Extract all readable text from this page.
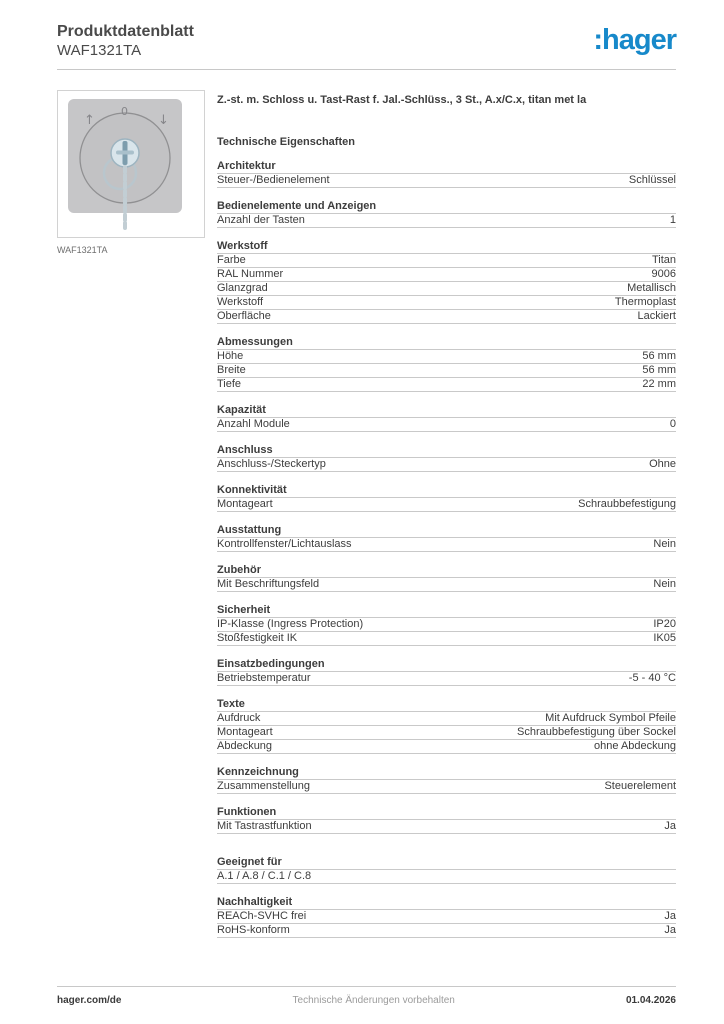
Produktdatenblatt
WAF1321TA	:hager
↑
0
↓
WAF1321TA
Z.-st. m. Schloss u. Tast-Rast f. Jal.-Schlüss., 3 St., A.x/C.x, titan met la
Technische Eigenschaften
Architektur
Steuer-/Bedienelement	Schlüssel
Bedienelemente und Anzeigen
Anzahl der Tasten	1
Werkstoff
Farbe	Titan
RAL Nummer	9006
Glanzgrad	Metallisch
Werkstoff	Thermoplast
Oberfläche	Lackiert
Abmessungen
Höhe	56 mm
Breite	56 mm
Tiefe	22 mm
Kapazität
Anzahl Module	0
Anschluss
Anschluss-/Steckertyp	Ohne
Konnektivität
Montageart	Schraubbefestigung
Ausstattung
Kontrollfenster/Lichtauslass	Nein
Zubehör
Mit Beschriftungsfeld	Nein
Sicherheit
IP-Klasse (Ingress Protection)	IP20
Stoßfestigkeit IK	IK05
Einsatzbedingungen
Betriebstemperatur	-5 - 40 °C
Texte
Aufdruck	Mit Aufdruck Symbol Pfeile
Montageart	Schraubbefestigung über Sockel
Abdeckung	ohne Abdeckung
Kennzeichnung
Zusammenstellung	Steuerelement
Funktionen
Mit Tastrastfunktion	Ja
Geeignet für
A.1 / A.8 / C.1 / C.8
Nachhaltigkeit
REACh-SVHC frei	Ja
RoHS-konform	Ja
hager.com/de	Technische Änderungen vorbehalten	01.04.2026
